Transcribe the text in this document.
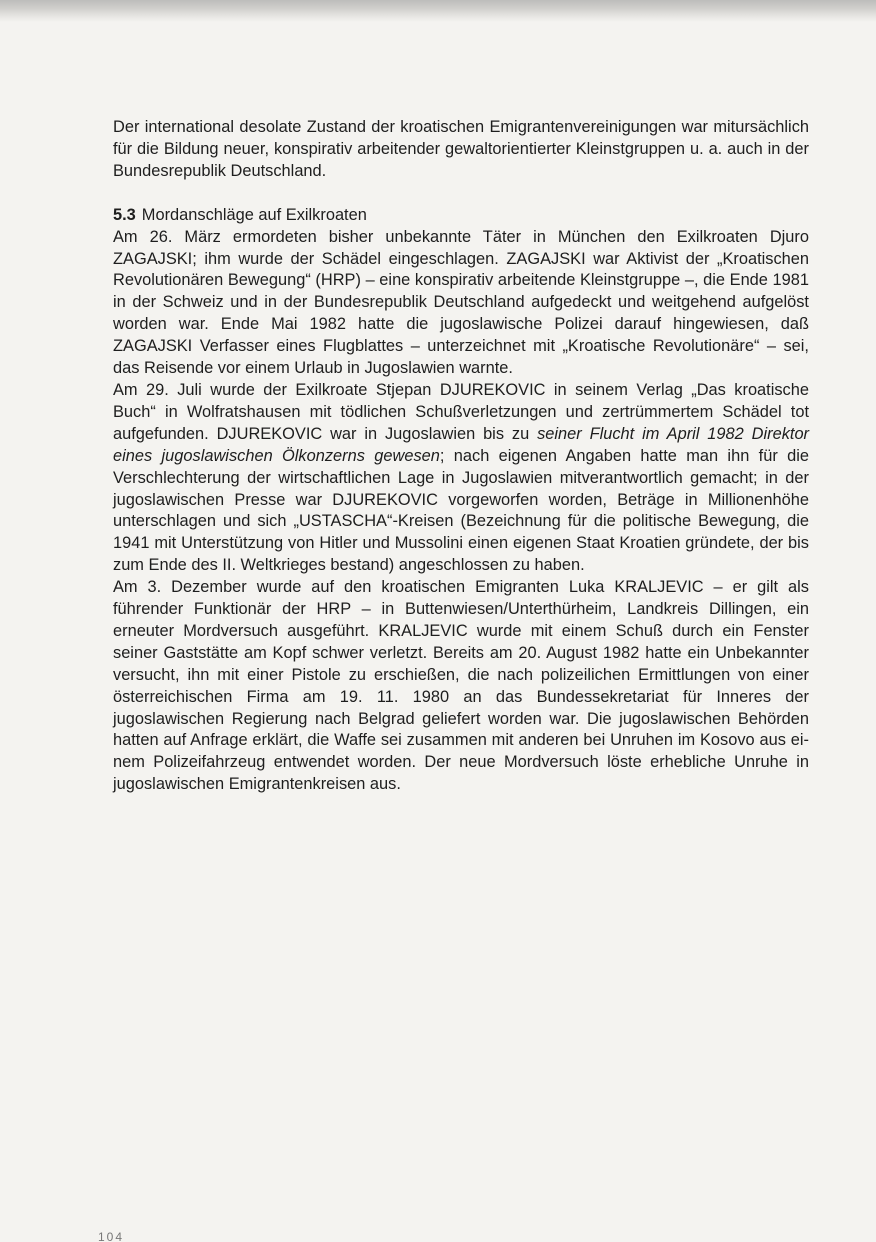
Der international desolate Zustand der kroatischen Emigrantenvereinigungen war mitursächlich für die Bildung neuer, konspirativ arbeitender gewaltorientierter Kleinstgruppen u. a. auch in der Bundesrepublik Deutschland.

5.3 Mordanschläge auf Exilkroaten

Am 26. März ermordeten bisher unbekannte Täter in München den Exilkroaten Djuro ZAGAJSKI; ihm wurde der Schädel eingeschlagen. ZAGAJSKI war Aktivist der „Kroatischen Revolutionären Bewegung“ (HRP) – eine konspirativ arbeitende Kleinstgruppe –, die Ende 1981 in der Schweiz und in der Bundesrepublik Deutschland aufgedeckt und weitgehend aufgelöst worden war. Ende Mai 1982 hatte die jugoslawische Polizei darauf hingewiesen, daß ZAGAJSKI Verfasser eines Flugblattes – unterzeichnet mit „Kroatische Revolutionäre“ – sei, das Reisende vor einem Urlaub in Jugoslawien warnte.

Am 29. Juli wurde der Exilkroate Stjepan DJUREKOVIC in seinem Verlag „Das kroatische Buch“ in Wolfratshausen mit tödlichen Schußverletzungen und zertrümmertem Schädel tot aufgefunden. DJUREKOVIC war in Jugoslawien bis zu seiner Flucht im April 1982 Direktor eines jugoslawischen Ölkonzerns gewesen; nach eigenen Angaben hatte man ihn für die Verschlechterung der wirtschaftlichen Lage in Jugoslawien mitverantwortlich gemacht; in der jugoslawischen Presse war DJUREKOVIC vorgeworfen worden, Beträge in Millionenhöhe unterschlagen und sich „USTASCHA“-Kreisen (Bezeichnung für die politische Bewegung, die 1941 mit Unterstützung von Hitler und Mussolini einen eigenen Staat Kroatien gründete, der bis zum Ende des II. Weltkrieges bestand) angeschlossen zu haben.

Am 3. Dezember wurde auf den kroatischen Emigranten Luka KRALJEVIC – er gilt als führender Funktionär der HRP – in Buttenwiesen/Unterthürheim, Landkreis Dillingen, ein erneuter Mordversuch ausgeführt. KRALJEVIC wurde mit einem Schuß durch ein Fenster seiner Gaststätte am Kopf schwer verletzt. Bereits am 20. August 1982 hatte ein Unbekannter versucht, ihn mit einer Pistole zu erschießen, die nach polizeilichen Ermittlungen von einer österreichischen Firma am 19. 11. 1980 an das Bundessekretariat für Inneres der jugoslawischen Regierung nach Belgrad geliefert worden war. Die jugoslawischen Behörden hatten auf Anfrage erklärt, die Waffe sei zusammen mit anderen bei Unruhen im Kosovo aus einem Polizeifahrzeug entwendet worden. Der neue Mordversuch löste erhebliche Unruhe in jugoslawischen Emigrantenkreisen aus.

104
